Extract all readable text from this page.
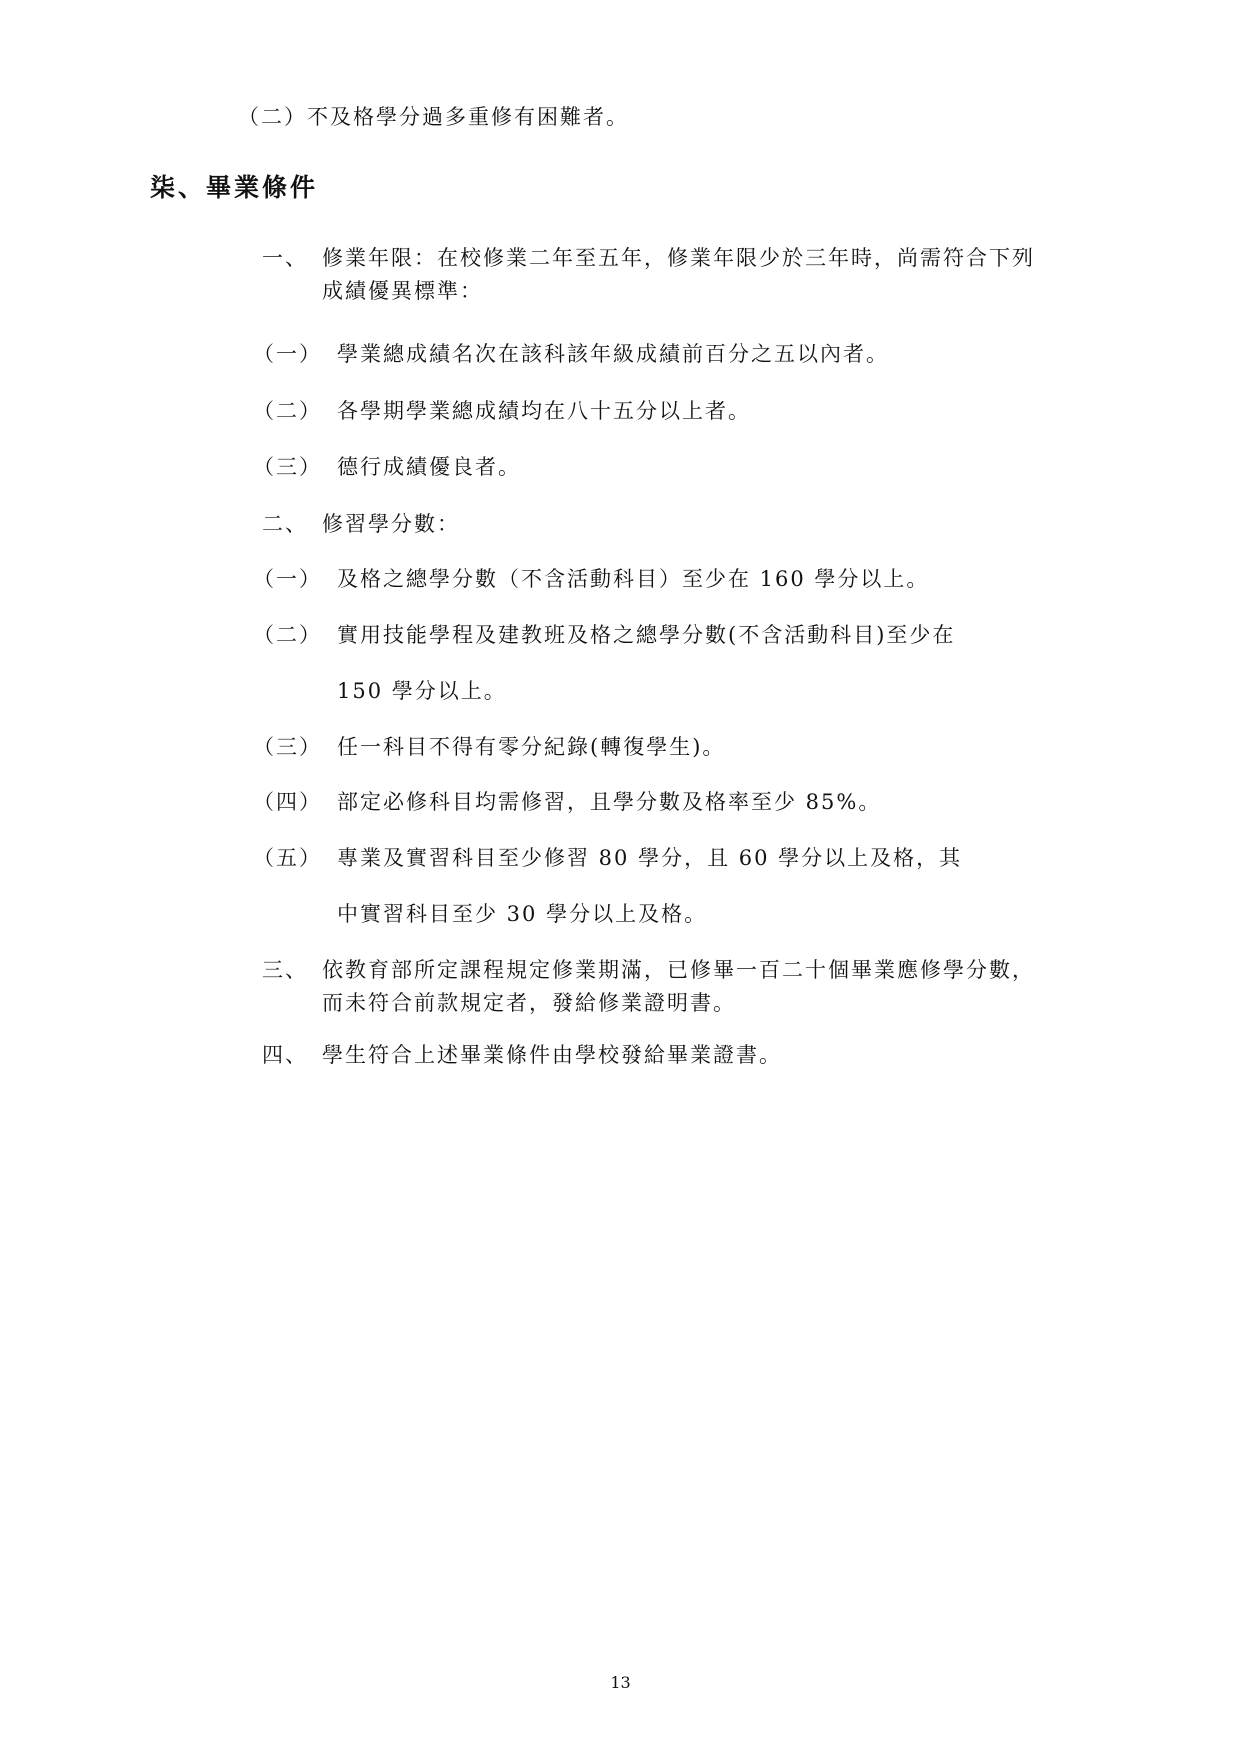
（二）不及格學分過多重修有困難者。
柒、畢業條件
一、 修業年限：在校修業二年至五年，修業年限少於三年時，尚需符合下列
成績優異標準：
（一） 學業總成績名次在該科該年級成績前百分之五以內者。
（二） 各學期學業總成績均在八十五分以上者。
（三） 德行成績優良者。
二、 修習學分數：
（一） 及格之總學分數（不含活動科目）至少在 160 學分以上。
（二） 實用技能學程及建教班及格之總學分數(不含活動科目)至少在
150 學分以上。
（三） 任一科目不得有零分紀錄(轉復學生)。
（四） 部定必修科目均需修習，且學分數及格率至少 85%。
（五） 專業及實習科目至少修習 80 學分，且 60 學分以上及格，其
中實習科目至少 30 學分以上及格。
三、 依教育部所定課程規定修業期滿，已修畢一百二十個畢業應修學分數，
而未符合前款規定者，發給修業證明書。
四、 學生符合上述畢業條件由學校發給畢業證書。
13
